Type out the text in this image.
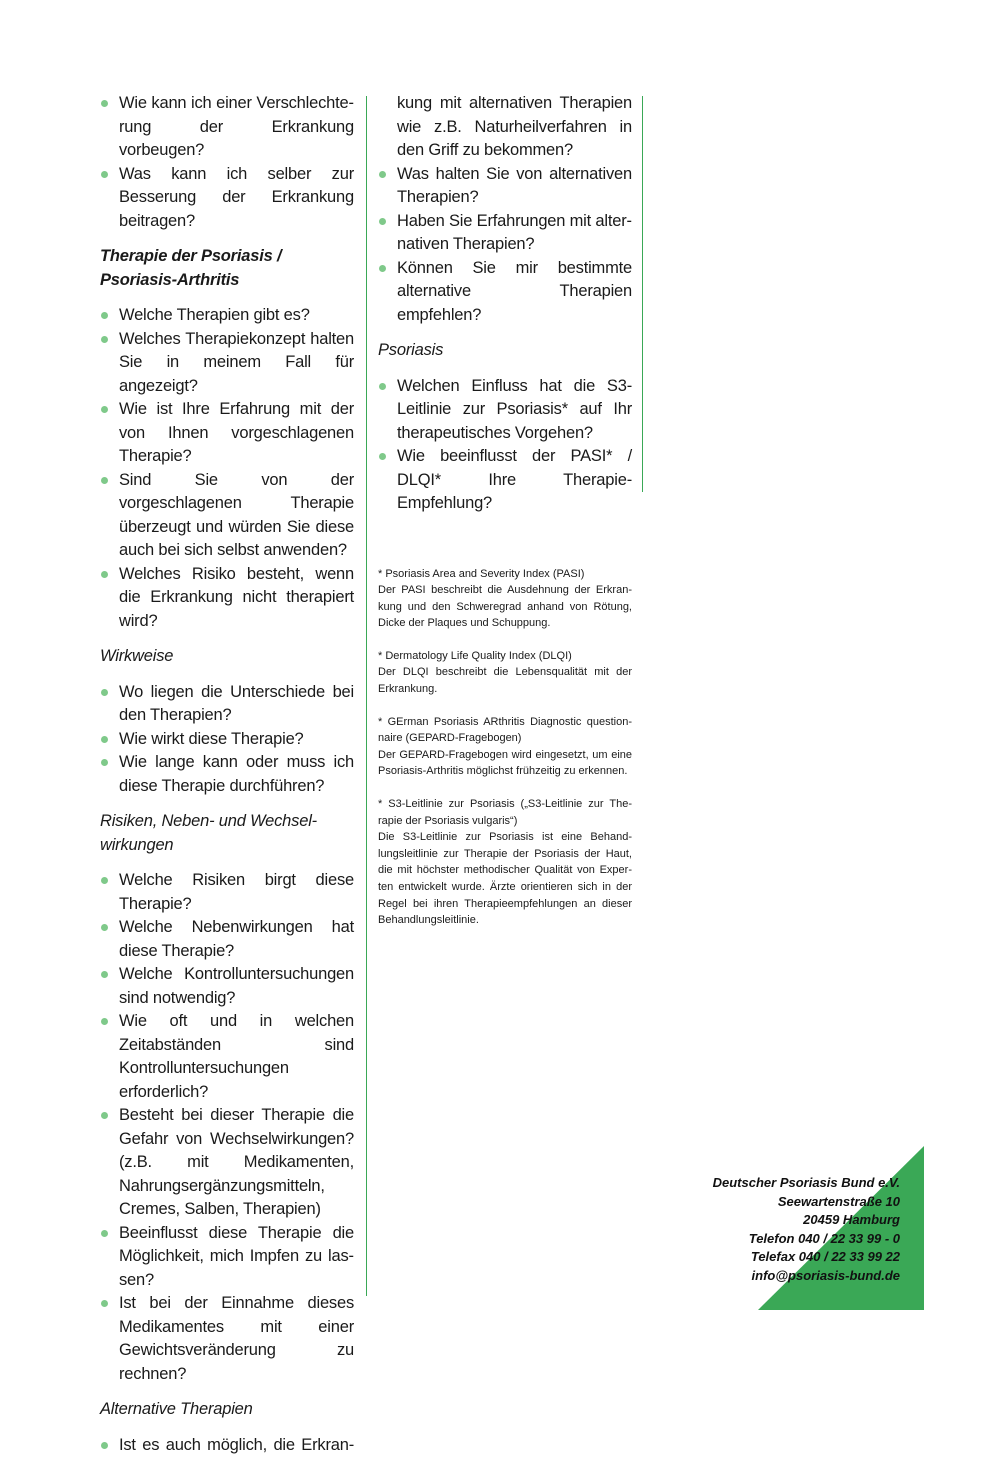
Wie kann ich einer Verschlechterung der Erkrankung vorbeugen?
Was kann ich selber zur Besserung der Erkrankung beitragen?
Therapie der Psoriasis / Psoriasis-Arthritis
Welche Therapien gibt es?
Welches Therapiekonzept halten Sie in meinem Fall für angezeigt?
Wie ist Ihre Erfahrung mit der von Ihnen vorgeschlagenen Therapie?
Sind Sie von der vorgeschlagenen Therapie überzeugt und würden Sie diese auch bei sich selbst anwenden?
Welches Risiko besteht, wenn die Erkrankung nicht therapiert wird?
Wirkweise
Wo liegen die Unterschiede bei den Therapien?
Wie wirkt diese Therapie?
Wie lange kann oder muss ich diese Therapie durchführen?
Risiken, Neben- und Wechselwirkungen
Welche Risiken birgt diese Therapie?
Welche Nebenwirkungen hat diese Therapie?
Welche Kontrolluntersuchungen sind notwendig?
Wie oft und in welchen Zeitabständen sind Kontrolluntersuchungen erforderlich?
Besteht bei dieser Therapie die Gefahr von Wechselwirkungen? (z.B. mit Medikamenten, Nahrungsergänzungsmitteln, Cremes, Salben, Therapien)
Beeinflusst diese Therapie die Möglichkeit, mich Impfen zu lassen?
Ist bei der Einnahme dieses Medikamentes mit einer Gewichtsveränderung zu rechnen?
Alternative Therapien
Ist es auch möglich, die Erkran-
kung mit alternativen Therapien wie z.B. Naturheilverfahren in den Griff zu bekommen?
Was halten Sie von alternativen Therapien?
Haben Sie Erfahrungen mit alternativen Therapien?
Können Sie mir bestimmte alternative Therapien empfehlen?
Psoriasis
Welchen Einfluss hat die S3-Leitlinie zur Psoriasis* auf Ihr therapeutisches Vorgehen?
Wie beeinflusst der PASI* / DLQI* Ihre Therapie-Empfehlung?

* Psoriasis Area and Severity Index (PASI)

Der PASI beschreibt die Ausdehnung der Erkrankung und den Schweregrad anhand von Rötung, Dicke der Plaques und Schuppung.

* Dermatology Life Quality Index (DLQI)

Der DLQI beschreibt die Lebensqualität mit der Erkrankung.

* GErman Psoriasis ARthritis Diagnostic questionnaire (GEPARD-Fragebogen)

Der GEPARD-Fragebogen wird eingesetzt, um eine Psoriasis-Arthritis möglichst frühzeitig zu erkennen.

* S3-Leitlinie zur Psoriasis („S3-Leitlinie zur Therapie der Psoriasis vulgaris“)

Die S3-Leitlinie zur Psoriasis ist eine Behandlungsleitlinie zur Therapie der Psoriasis der Haut, die mit höchster methodischer Qualität von Experten entwickelt wurde. Ärzte orientieren sich in der Regel bei ihren Therapieempfehlungen an dieser Behandlungsleitlinie.

Deutscher Psoriasis Bund e.V.
Seewartenstraße 10
20459 Hamburg
Telefon 040 / 22 33 99 - 0
Telefax 040 / 22 33 99 22
info@psoriasis-bund.de
